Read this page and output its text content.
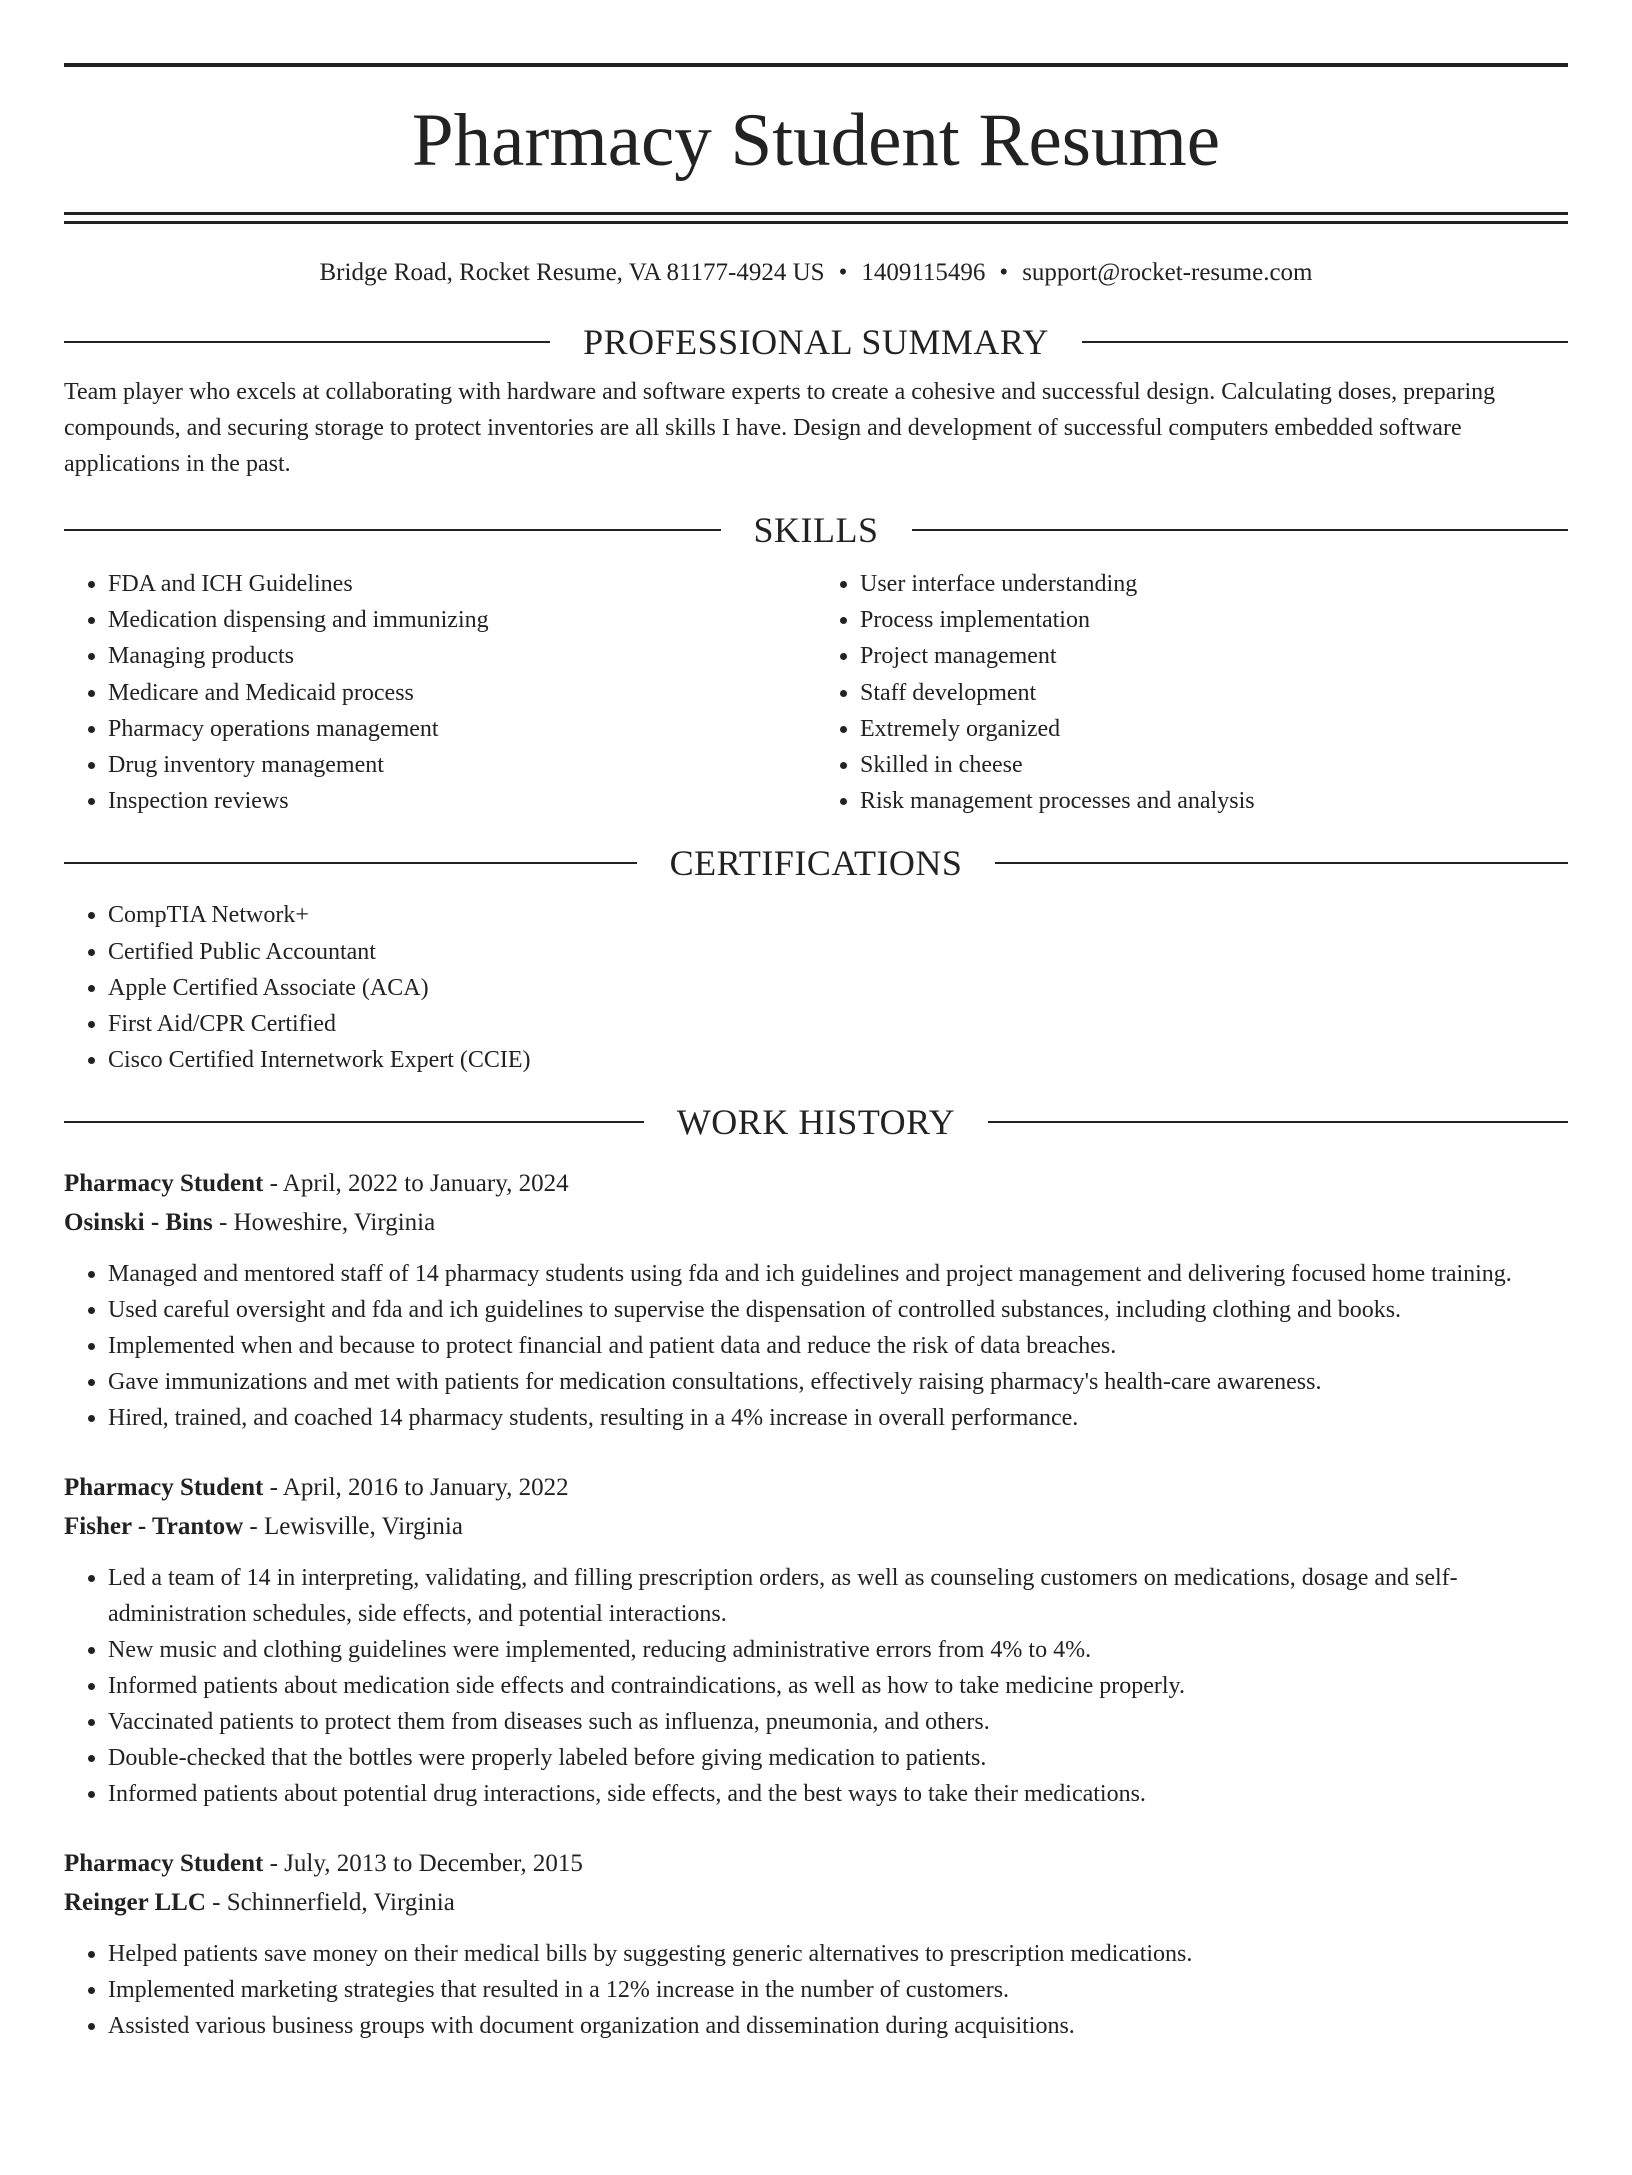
Pharmacy Student Resume
Bridge Road, Rocket Resume, VA 81177-4924 US • 1409115496 • support@rocket-resume.com
PROFESSIONAL SUMMARY

Team player who excels at collaborating with hardware and software experts to create a cohesive and successful design. Calculating doses, preparing compounds, and securing storage to protect inventories are all skills I have. Design and development of successful computers embedded software applications in the past.

SKILLS
• FDA and ICH Guidelines
• Medication dispensing and immunizing
• Managing products
• Medicare and Medicaid process
• Pharmacy operations management
• Drug inventory management
• Inspection reviews
• User interface understanding
• Process implementation
• Project management
• Staff development
• Extremely organized
• Skilled in cheese
• Risk management processes and analysis
CERTIFICATIONS
• CompTIA Network+
• Certified Public Accountant
• Apple Certified Associate (ACA)
• First Aid/CPR Certified
• Cisco Certified Internetwork Expert (CCIE)
WORK HISTORY
Pharmacy Student - April, 2022 to January, 2024
Osinski - Bins - Howeshire, Virginia
• Managed and mentored staff of 14 pharmacy students using fda and ich guidelines and project management and delivering focused home training.
• Used careful oversight and fda and ich guidelines to supervise the dispensation of controlled substances, including clothing and books.
• Implemented when and because to protect financial and patient data and reduce the risk of data breaches.
• Gave immunizations and met with patients for medication consultations, effectively raising pharmacy's health-care awareness.
• Hired, trained, and coached 14 pharmacy students, resulting in a 4% increase in overall performance.
Pharmacy Student - April, 2016 to January, 2022
Fisher - Trantow - Lewisville, Virginia
• Led a team of 14 in interpreting, validating, and filling prescription orders, as well as counseling customers on medications, dosage and self-administration schedules, side effects, and potential interactions.
• New music and clothing guidelines were implemented, reducing administrative errors from 4% to 4%.
• Informed patients about medication side effects and contraindications, as well as how to take medicine properly.
• Vaccinated patients to protect them from diseases such as influenza, pneumonia, and others.
• Double-checked that the bottles were properly labeled before giving medication to patients.
• Informed patients about potential drug interactions, side effects, and the best ways to take their medications.
Pharmacy Student - July, 2013 to December, 2015
Reinger LLC - Schinnerfield, Virginia
• Helped patients save money on their medical bills by suggesting generic alternatives to prescription medications.
• Implemented marketing strategies that resulted in a 12% increase in the number of customers.
• Assisted various business groups with document organization and dissemination during acquisitions.
